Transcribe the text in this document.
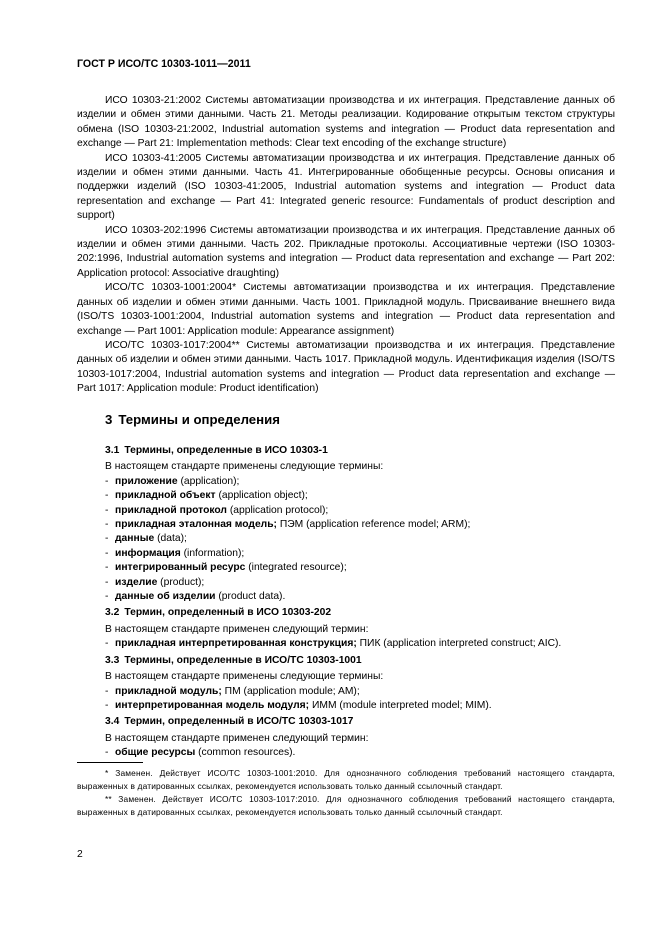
ГОСТ Р ИСО/ТС 10303-1011—2011

ИСО 10303-21:2002 Системы автоматизации производства и их интеграция. Представление данных об изделии и обмен этими данными. Часть 21. Методы реализации. Кодирование открытым текстом структуры обмена (ISO 10303-21:2002, Industrial automation systems and integration — Product data representation and exchange — Part 21: Implementation methods: Clear text encoding of the exchange structure)

ИСО 10303-41:2005 Системы автоматизации производства и их интеграция. Представление данных об изделии и обмен этими данными. Часть 41. Интегрированные обобщенные ресурсы. Основы описания и поддержки изделий (ISO 10303-41:2005, Industrial automation systems and integration — Product data representation and exchange — Part 41: Integrated generic resource: Fundamentals of product description and support)

ИСО 10303-202:1996 Системы автоматизации производства и их интеграция. Представление данных об изделии и обмен этими данными. Часть 202. Прикладные протоколы. Ассоциативные чертежи (ISO 10303-202:1996, Industrial automation systems and integration — Product data representation and exchange — Part 202: Application protocol: Associative draughting)

ИСО/ТС 10303-1001:2004* Системы автоматизации производства и их интеграция. Представление данных об изделии и обмен этими данными. Часть 1001. Прикладной модуль. Присваивание внешнего вида (ISO/TS 10303-1001:2004, Industrial automation systems and integration — Product data representation and exchange — Part 1001: Application module: Appearance assignment)

ИСО/ТС 10303-1017:2004** Системы автоматизации производства и их интеграция. Представление данных об изделии и обмен этими данными. Часть 1017. Прикладной модуль. Идентификация изделия (ISO/TS 10303-1017:2004, Industrial automation systems and integration — Product data representation and exchange — Part 1017: Application module: Product identification)

3 Термины и определения

3.1 Термины, определенные в ИСО 10303-1

В настоящем стандарте применены следующие термины:

- приложение (application);

- прикладной объект (application object);

- прикладной протокол (application protocol);

- прикладная эталонная модель; ПЭМ (application reference model; ARM);

- данные (data);

- информация (information);

- интегрированный ресурс (integrated resource);

- изделие (product);

- данные об изделии (product data).

3.2 Термин, определенный в ИСО 10303-202

В настоящем стандарте применен следующий термин:

- прикладная интерпретированная конструкция; ПИК (application interpreted construct; AIC).

3.3 Термины, определенные в ИСО/ТС 10303-1001

В настоящем стандарте применены следующие термины:

- прикладной модуль; ПМ (application module; AM);

- интерпретированная модель модуля; ИММ (module interpreted model; MIM).

3.4 Термин, определенный в ИСО/ТС 10303-1017

В настоящем стандарте применен следующий термин:

- общие ресурсы (common resources).

* Заменен. Действует ИСО/ТС 10303-1001:2010. Для однозначного соблюдения требований настоящего стандарта, выраженных в датированных ссылках, рекомендуется использовать только данный ссылочный стандарт.

** Заменен. Действует ИСО/ТС 10303-1017:2010. Для однозначного соблюдения требований настоящего стандарта, выраженных в датированных ссылках, рекомендуется использовать только данный ссылочный стандарт.

2
